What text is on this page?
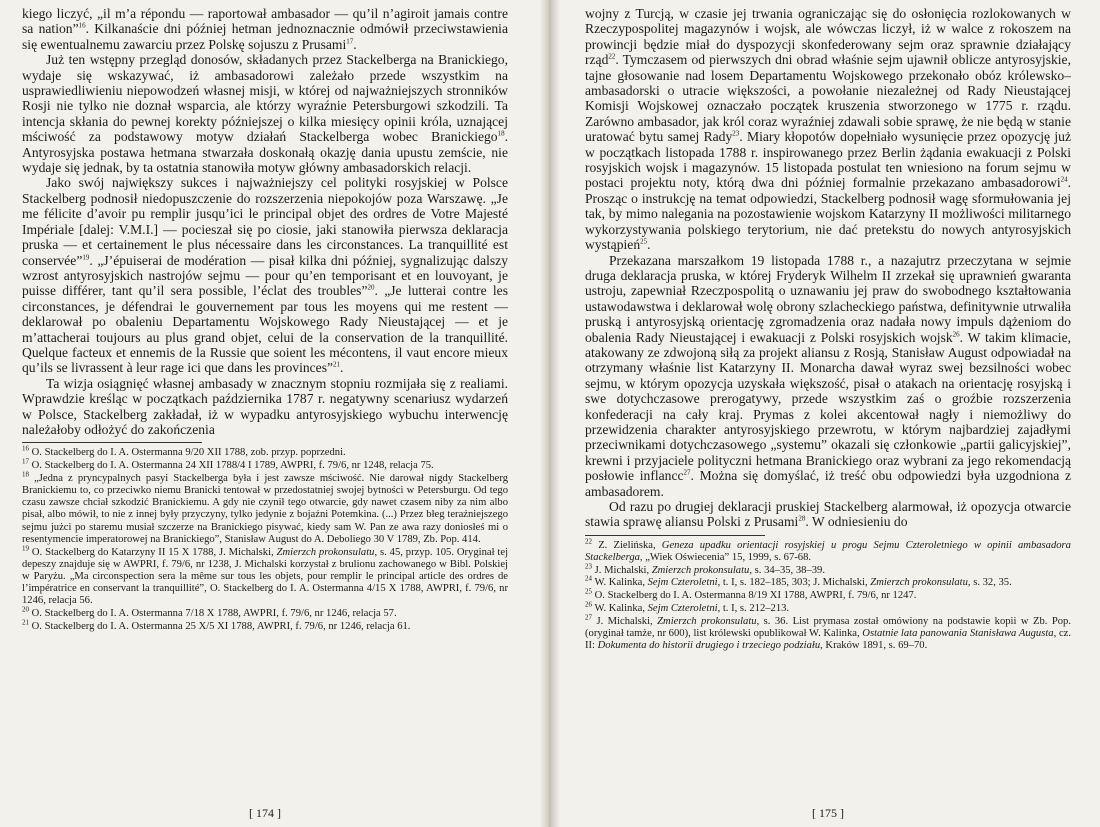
kiego liczyć, „il m’a répondu — raportował ambasador — qu’il n’agiroit jamais contre sa nation”$^{16}$. Kilkanaście dni później hetman jednoznacznie odmówił przeciwstawienia się ewentualnemu zawarciu przez Polskę sojuszu z Prusami$^{17}$.

Już ten wstępny przegląd donosów, składanych przez Stackelberga na Branickiego, wydaje się wskazywać, iż ambasadorowi zależało przede wszystkim na usprawiedliwieniu niepowodzeń własnej misji, w której od najważniejszych stronników Rosji nie tylko nie doznał wsparcia, ale którzy wyraźnie Petersburgowi szkodzili. Ta intencja skłania do pewnej korekty późniejszej o kilka miesięcy opinii króla, uznającej mściwość za podstawowy motyw działań Stackelberga wobec Branickiego$^{18}$. Antyrosyjska postawa hetmana stwarzała doskonałą okazję dania upustu zemście, nie wydaje się jednak, by ta ostatnia stanowiła motyw główny ambasadorskich relacji.

Jako swój największy sukces i najważniejszy cel polityki rosyjskiej w Polsce Stackelberg podnosił niedopuszczenie do rozszerzenia niepokojów poza Warszawę. „Je me félicite d’avoir pu remplir jusqu’ici le principal objet des ordres de Votre Majesté Impériale [dalej: V.M.I.] — pocieszał się po ciosie, jaki stanowiła pierwsza deklaracja pruska — et certainement le plus nécessaire dans les circonstances. La tranquillité est conservée”$^{19}$. „J’épuiserai de modération — pisał kilka dni później, sygnalizując dalszy wzrost antyrosyjskich nastrojów sejmu — pour qu’en temporisant et en louvoyant, je puisse différer, tant qu’il sera possible, l’éclat des troubles”$^{20}$. „Je lutterai contre les circonstances, je défendrai le gouvernement par tous les moyens qui me restent — deklarował po obaleniu Departamentu Wojskowego Rady Nieustającej — et je m’attacherai toujours au plus grand objet, celui de la conservation de la tranquillité. Quelque facteux et ennemis de la Russie que soient les mécontens, il vaut encore mieux qu’ils se livrassent à leur rage ici que dans les provinces”$^{21}$.

Ta wizja osiągnięć własnej ambasady w znacznym stopniu rozmijała się z realiami. Wprawdzie kreśląc w początkach października 1787 r. negatywny scenariusz wydarzeń w Polsce, Stackelberg zakładał, iż w wypadku antyrosyjskiego wybuchu interwencję należałoby odłożyć do zakończenia

$^{16}$ O. Stackelberg do I. A. Ostermanna 9/20 XII 1788, zob. przyp. poprzedni.

$^{17}$ O. Stackelberg do I. A. Ostermanna 24 XII 1788/4 I 1789, AWPRI, f. 79/6, nr 1248, relacja 75.

$^{18}$ „Jedna z pryncypalnych pasyi Stackelberga była i jest zawsze mściwość. Nie darował nigdy Stackelberg Branickiemu to, co przeciwko niemu Branicki tentował w przedostatniej swojej bytności w Petersburgu. Od tego czasu zawsze chciał szkodzić Branickiemu. A gdy nie czynił tego otwarcie, gdy nawet czasem niby za nim albo pisał, albo mówił, to nie z innej były przyczyny, tylko jedynie z bojaźni Potemkina. (...) Przez błeg teraźniejszego sejmu jużci po staremu musiał szczerze na Branickiego pisywać, kiedy sam W. Pan ze awa razy doniosłeś mi o resentymencie imperatorowej na Branickiego”, Stanisław August do A. Deboliego 30 V 1789, Zb. Pop. 414.

$^{19}$ O. Stackelberg do Katarzyny II 15 X 1788, J. Michalski, Zmierzch prokonsulatu, s. 45, przyp. 105. Oryginał tej depeszy znajduje się w AWPRI, f. 79/6, nr 1238, J. Michalski korzystał z brulionu zachowanego w Bibl. Polskiej w Paryżu. „Ma circonspection sera la même sur tous les objets, pour remplir le principal article des ordres de l’impératrice en conservant la tranquillité”, O. Stackelberg do I. A. Ostermanna 4/15 X 1788, AWPRI, f. 79/6, nr 1246, relacja 56.

$^{20}$ O. Stackelberg do I. A. Ostermanna 7/18 X 1788, AWPRI, f. 79/6, nr 1246, relacja 57.

$^{21}$ O. Stackelberg do I. A. Ostermanna 25 X/5 XI 1788, AWPRI, f. 79/6, nr 1246, relacja 61.

[ 174 ]

wojny z Turcją, w czasie jej trwania ograniczając się do osłonięcia rozlokowanych w Rzeczypospolitej magazynów i wojsk, ale wówczas liczył, iż w walce z rokoszem na prowincji będzie miał do dyspozycji skonfederowany sejm oraz sprawnie działający rząd$^{22}$. Tymczasem od pierwszych dni obrad właśnie sejm ujawnił oblicze antyrosyjskie, tajne głosowanie nad losem Departamentu Wojskowego przekonało obóz królewsko–ambasadorski o utracie większości, a powołanie niezależnej od Rady Nieustającej Komisji Wojskowej oznaczało początek kruszenia stworzonego w 1775 r. rządu. Zarówno ambasador, jak król coraz wyraźniej zdawali sobie sprawę, że nie będą w stanie uratować bytu samej Rady$^{23}$. Miary kłopotów dopełniało wysunięcie przez opozycję już w początkach listopada 1788 r. inspirowanego przez Berlin żądania ewakuacji z Polski rosyjskich wojsk i magazynów. 15 listopada postulat ten wniesiono na forum sejmu w postaci projektu noty, którą dwa dni później formalnie przekazano ambasadorowi$^{24}$. Prosząc o instrukcję na temat odpowiedzi, Stackelberg podnosił wagę sformułowania jej tak, by mimo nalegania na pozostawienie wojskom Katarzyny II możliwości militarnego wykorzystywania polskiego terytorium, nie dać pretekstu do nowych antyrosyjskich wystąpień$^{25}$.

Przekazana marszałkom 19 listopada 1788 r., a nazajutrz przeczytana w sejmie druga deklaracja pruska, w której Fryderyk Wilhelm II zrzekał się uprawnień gwaranta ustroju, zapewniał Rzeczpospolitą o uznawaniu jej praw do swobodnego kształtowania ustawodawstwa i deklarował wolę obrony szlacheckiego państwa, definitywnie utrwaliła pruską i antyrosyjską orientację zgromadzenia oraz nadała nowy impuls dążeniom do obalenia Rady Nieustającej i ewakuacji z Polski rosyjskich wojsk$^{26}$. W takim klimacie, atakowany ze zdwojoną siłą za projekt aliansu z Rosją, Stanisław August odpowiadał na otrzymany właśnie list Katarzyny II. Monarcha dawał wyraz swej bezsilności wobec sejmu, w którym opozycja uzyskała większość, pisał o atakach na orientację rosyjską i swe dotychczasowe prerogatywy, przede wszystkim zaś o groźbie rozszerzenia konfederacji na cały kraj. Prymas z kolei akcentował nagły i niemożliwy do przewidzenia charakter antyrosyjskiego przewrotu, w którym najbardziej zajadłymi przeciwnikami dotychczasowego „systemu” okazali się członkowie „partii galicyjskiej”, krewni i przyjaciele polityczni hetmana Branickiego oraz wybrani za jego rekomendacją posłowie inflancc$^{27}$. Można się domyślać, iż treść obu odpowiedzi była uzgodniona z ambasadorem.

Od razu po drugiej deklaracji pruskiej Stackelberg alarmował, iż opozycja otwarcie stawia sprawę aliansu Polski z Prusami$^{28}$. W odniesieniu do

$^{22}$ Z. Zielińska, Geneza upadku orientacji rosyjskiej u progu Sejmu Czteroletniego w opinii ambasadora Stackelberga, „Wiek Oświecenia” 15, 1999, s. 67-68.

$^{23}$ J. Michalski, Zmierzch prokonsulatu, s. 34–35, 38–39.

$^{24}$ W. Kalinka, Sejm Czteroletni, t. I, s. 182–185, 303; J. Michalski, Zmierzch prokonsulatu, s. 32, 35.

$^{25}$ O. Stackelberg do I. A. Ostermanna 8/19 XI 1788, AWPRI, f. 79/6, nr 1247.

$^{26}$ W. Kalinka, Sejm Czteroletni, t. I, s. 212–213.

$^{27}$ J. Michalski, Zmierzch prokonsulatu, s. 36. List prymasa został omówiony na podstawie kopii w Zb. Pop. (oryginał tamże, nr 600), list królewski opublikował W. Kalinka, Ostatnie lata panowania Stanisława Augusta, cz. II: Dokumenta do historii drugiego i trzeciego podziału, Kraków 1891, s. 69–70.

[ 175 ]
